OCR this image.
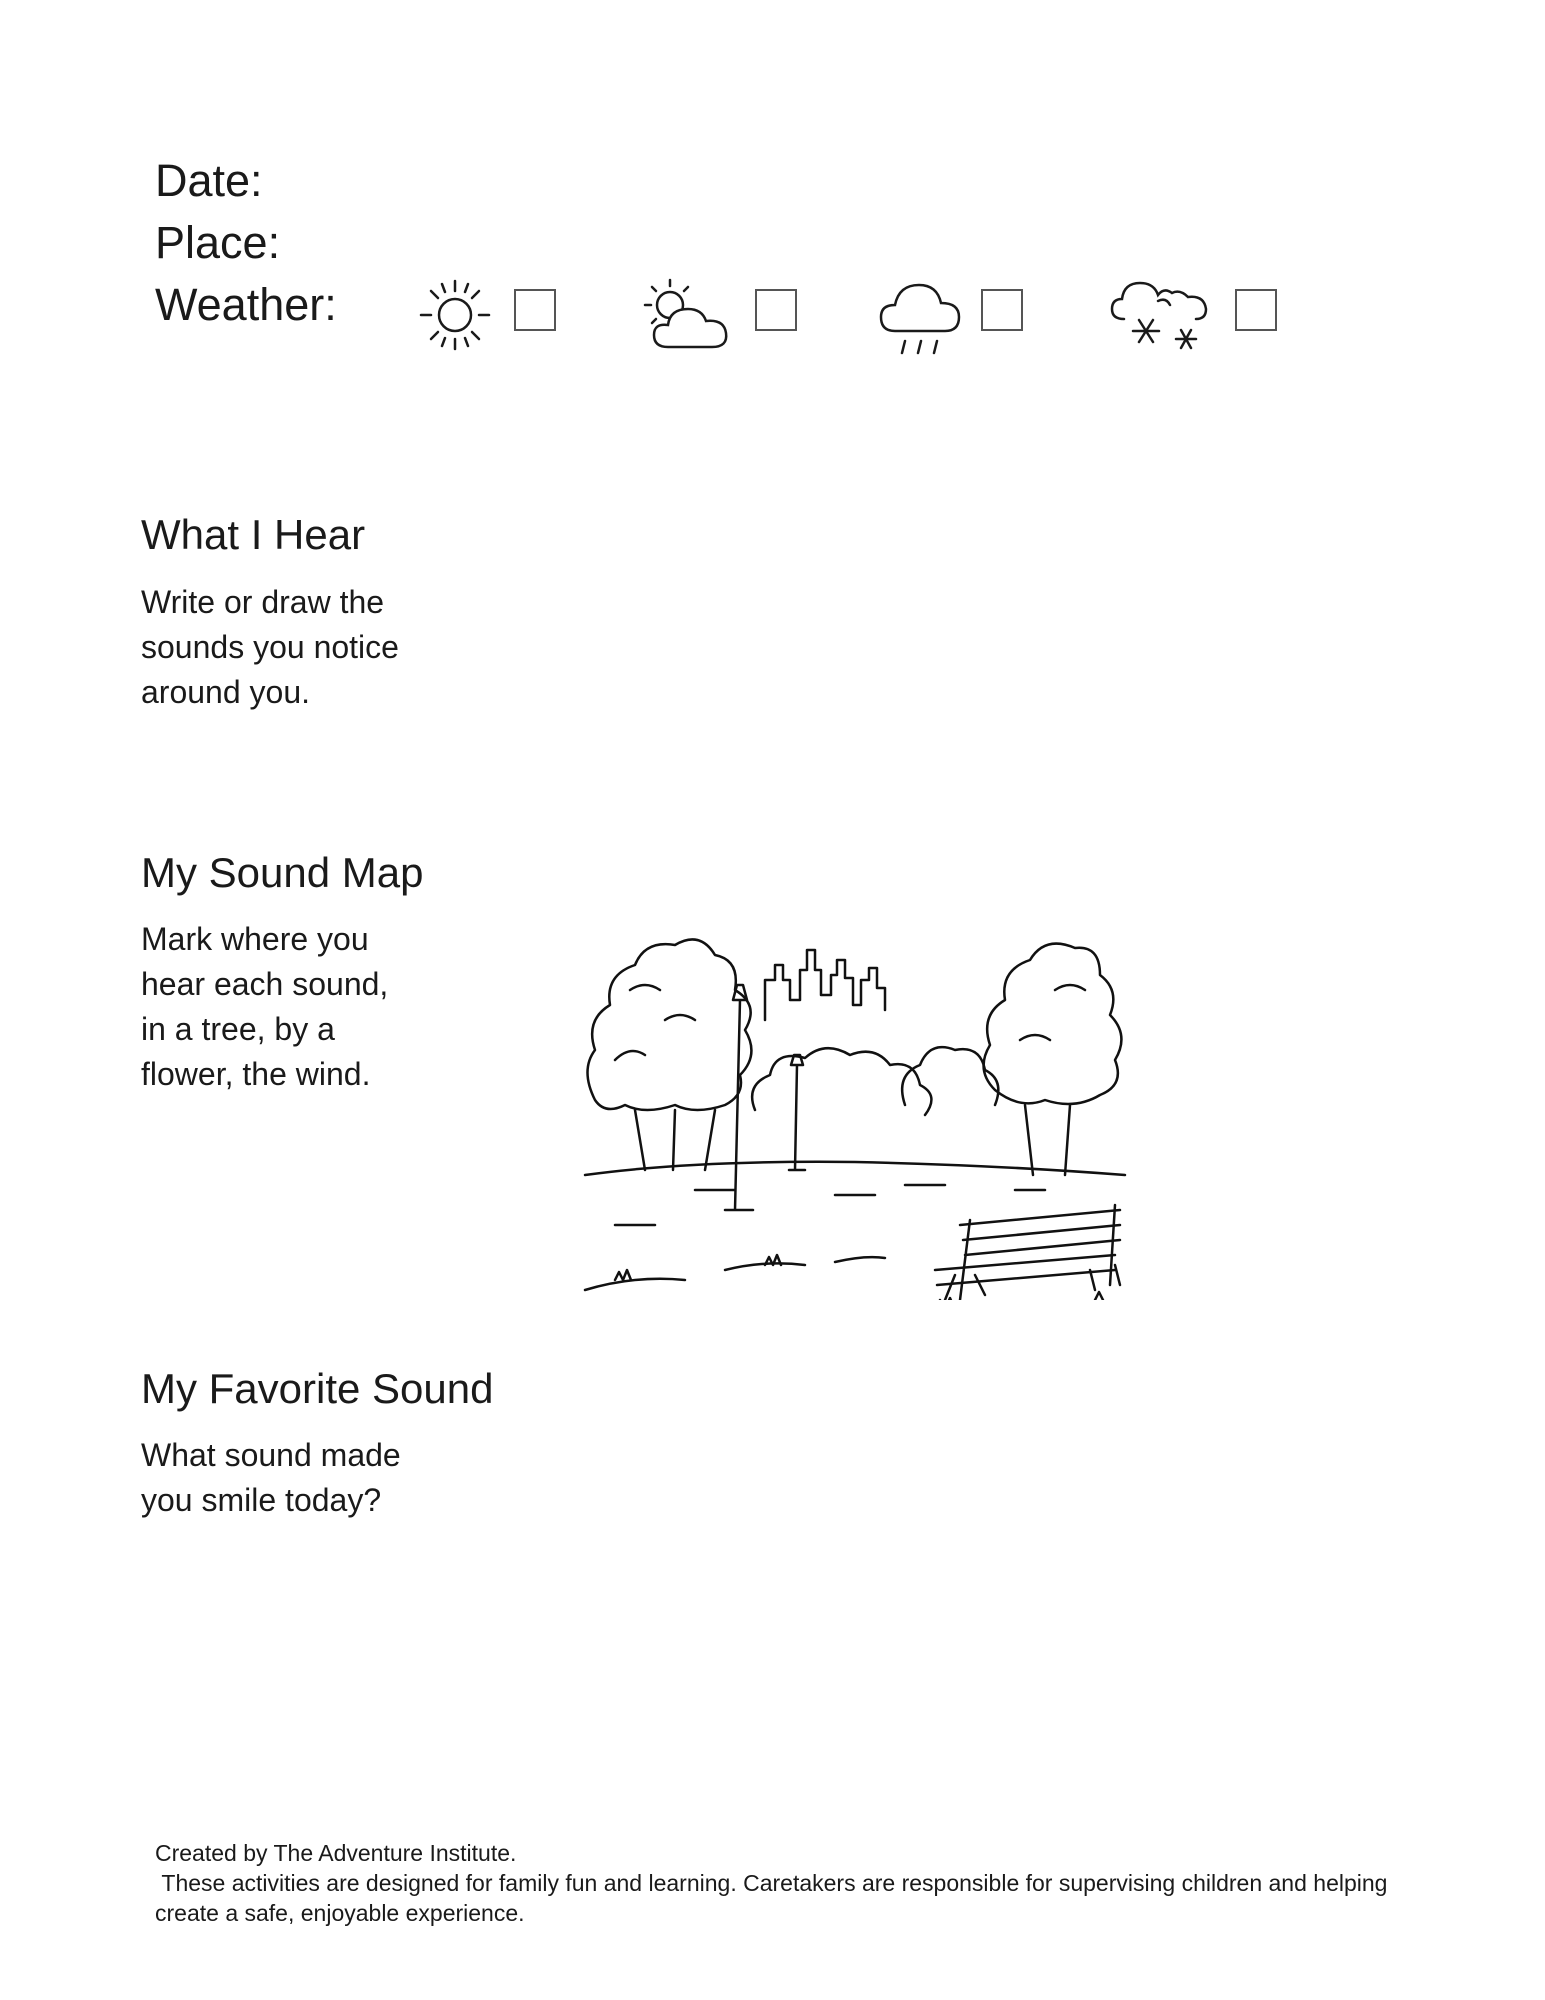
Date:
Place:
Weather:
What I Hear
Write or draw the
sounds you notice
around you.
My Sound Map
Mark where you
hear each sound,
in a tree, by a
flower, the wind.
My Favorite Sound
What sound made
you smile today?
Created by The Adventure Institute.
These activities are designed for family fun and learning. Caretakers are responsible for supervising children and helping create a safe, enjoyable experience.
